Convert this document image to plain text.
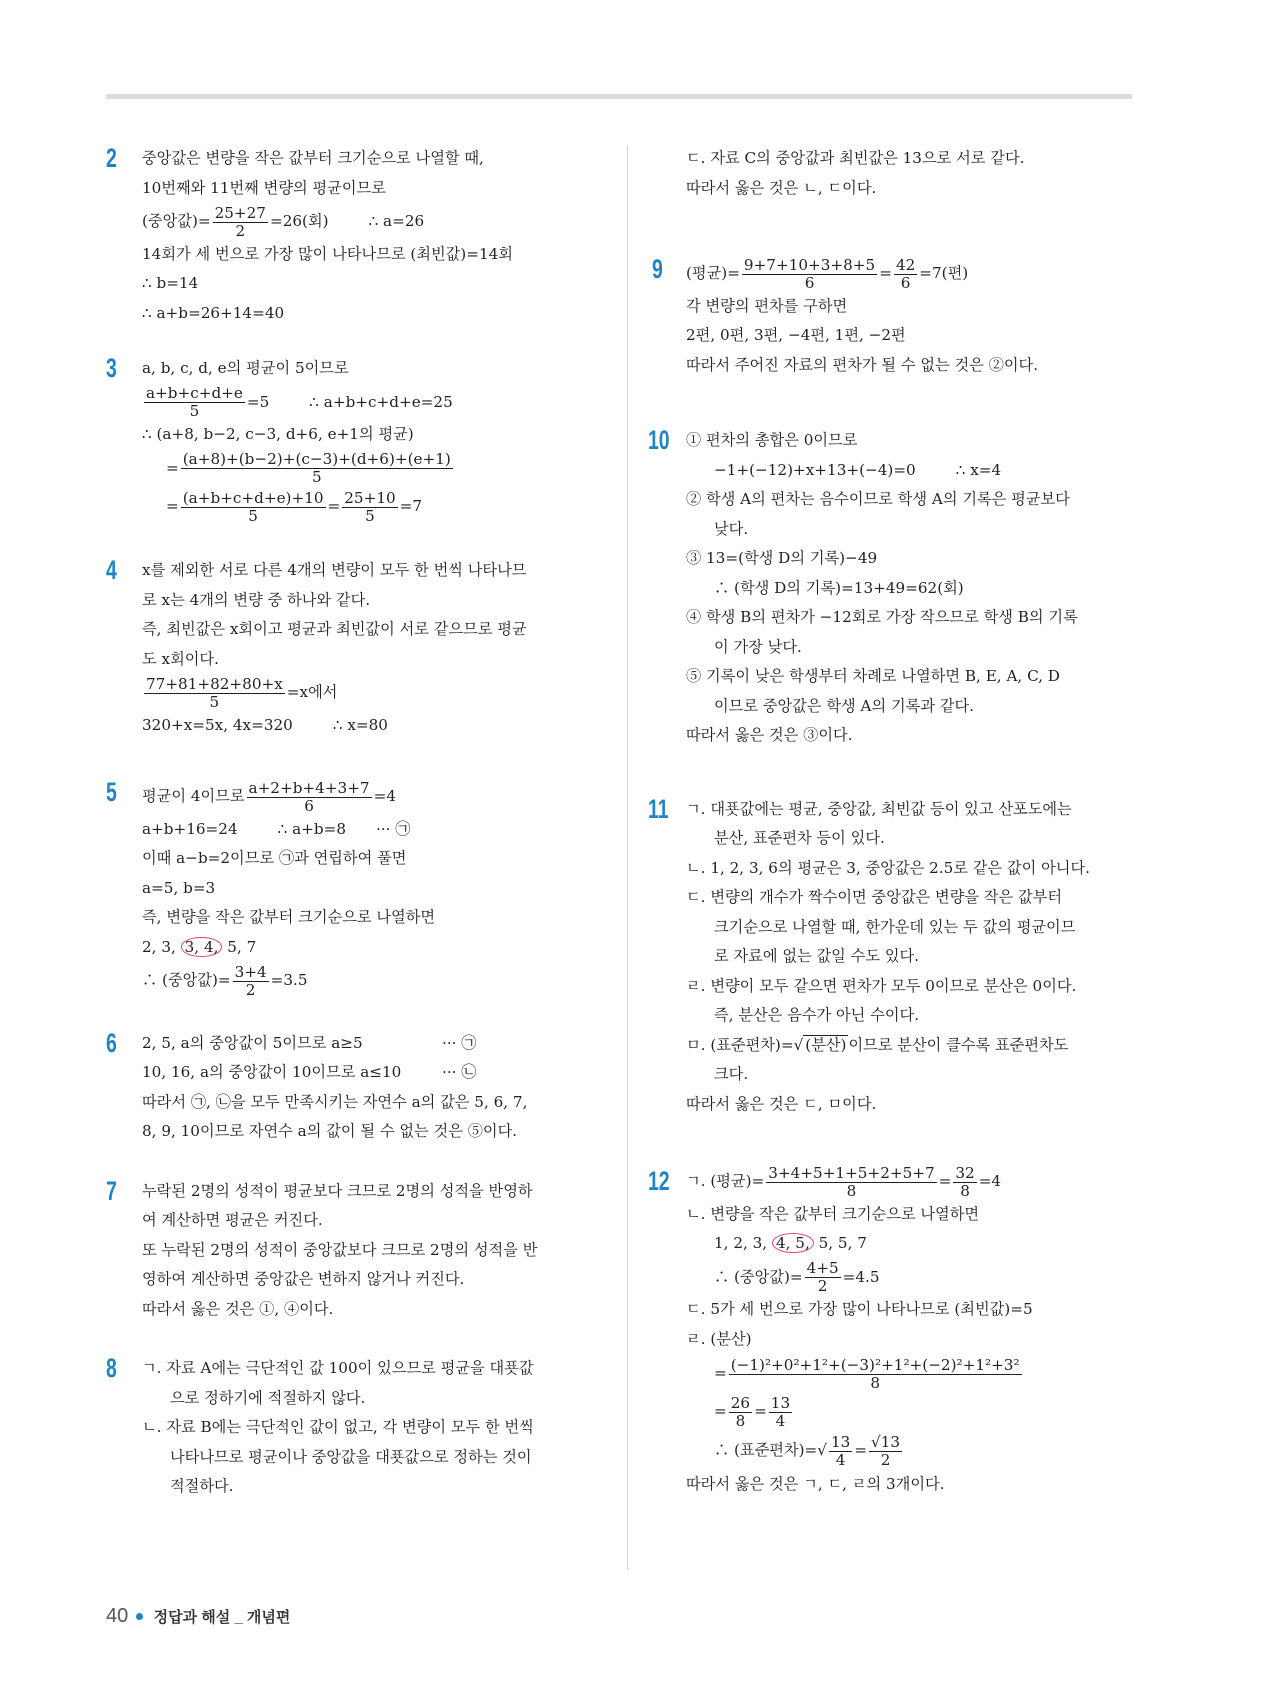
2 중앙값은 변량을 작은 값부터 크기순으로 나열할 때,
10번째와 11번째 변량의 평균이므로
(중앙값)= $\frac{25+27}{2} =26$(회)	∴ a=26
14회가 세 번으로 가장 많이 나타나므로 (최빈값)=14회
∴ b=14
∴ a+b=26+14=40
3 a, b, c, d, e의 평균이 5이므로
$\frac{a+b+c+d+e}{5} =5$	∴ a+b+c+d+e=25
∴ (a+8, b−2, c−3, d+6, e+1의 평균)
= $\frac{(a+8)+(b-2)+(c-3)+(d+6)+(e+1)}{5}$
= $\frac{(a+b+c+d+e)+10}{5} = \frac{25+10}{5} =7$
4 x를 제외한 서로 다른 4개의 변량이 모두 한 번씩 나타나므
로 x는 4개의 변량 중 하나와 같다.
즉, 최빈값은 x회이고 평균과 최빈값이 서로 같으므로 평균
도 x회이다.
$\frac{77+81+82+80+x}{5} =x$에서
320+x=5x, 4x=320	∴ x=80
5 평균이 4이므로 $\frac{a+2+b+4+3+7}{6} =4$
a+b+16=24	∴ a+b=8 ··· ㉠
이때 a−b=2이므로 ㉠과 연립하여 풀면
a=5, b=3
즉, 변량을 작은 값부터 크기순으로 나열하면
2, 3, 3, 4, 5, 7
∴ (중앙값)= $\frac{3+4}{2} =3.5$
6 2, 5, a의 중앙값이 5이므로 a≥5	··· ㉠
10, 16, a의 중앙값이 10이므로 a≤10	··· ㉡
따라서 ㉠, ㉡을 모두 만족시키는 자연수 a의 값은 5, 6, 7,
8, 9, 10이므로 자연수 a의 값이 될 수 없는 것은 ⑤이다.
7 누락된 2명의 성적이 평균보다 크므로 2명의 성적을 반영하
여 계산하면 평균은 커진다.
또 누락된 2명의 성적이 중앙값보다 크므로 2명의 성적을 반
영하여 계산하면 중앙값은 변하지 않거나 커진다.
따라서 옳은 것은 ①, ④이다.
8 ㄱ. 자료 A에는 극단적인 값 100이 있으므로 평균을 대푯값
으로 정하기에 적절하지 않다.
ㄴ. 자료 B에는 극단적인 값이 없고, 각 변량이 모두 한 번씩
나타나므로 평균이나 중앙값을 대푯값으로 정하는 것이
적절하다.
ㄷ. 자료 C의 중앙값과 최빈값은 13으로 서로 같다.
따라서 옳은 것은 ㄴ, ㄷ이다.
9 (평균)= $\frac{9+7+10+3+8+5}{6} = \frac{42}{6} =7$(편)
각 변량의 편차를 구하면
2편, 0편, 3편, −4편, 1편, −2편
따라서 주어진 자료의 편차가 될 수 없는 것은 ②이다.
10 ① 편차의 총합은 0이므로
−1+(−12)+x+13+(−4)=0	∴ x=4
② 학생 A의 편차는 음수이므로 학생 A의 기록은 평균보다
낮다.
③ 13=(학생 D의 기록)−49
∴ (학생 D의 기록)=13+49=62(회)
④ 학생 B의 편차가 −12회로 가장 작으므로 학생 B의 기록
이 가장 낮다.
⑤ 기록이 낮은 학생부터 차례로 나열하면 B, E, A, C, D
이므로 중앙값은 학생 A의 기록과 같다.
따라서 옳은 것은 ③이다.
11 ㄱ. 대푯값에는 평균, 중앙값, 최빈값 등이 있고 산포도에는
분산, 표준편차 등이 있다.
ㄴ. 1, 2, 3, 6의 평균은 3, 중앙값은 2.5로 같은 값이 아니다.
ㄷ. 변량의 개수가 짝수이면 중앙값은 변량을 작은 값부터
크기순으로 나열할 때, 한가운데 있는 두 값의 평균이므
로 자료에 없는 값일 수도 있다.
ㄹ. 변량이 모두 같으면 편차가 모두 0이므로 분산은 0이다.
즉, 분산은 음수가 아닌 수이다.
ㅁ. (표준편차)=√ (분산) 이므로 분산이 클수록 표준편차도
크다.
따라서 옳은 것은 ㄷ, ㅁ이다.
12 ㄱ. (평균)= $\frac{3+4+5+1+5+2+5+7}{8} = \frac{32}{8} =4$
ㄴ. 변량을 작은 값부터 크기순으로 나열하면
1, 2, 3, 4, 5, 5, 5, 7
∴ (중앙값)= $\frac{4+5}{2} =4.5$
ㄷ. 5가 세 번으로 가장 많이 나타나므로 (최빈값)=5
ㄹ. (분산)
= $\frac{\text{(−1)²+0²+1²+(−3)²+1²+(−2)²+1²+3²}}{8}$
= $\frac{26}{8} = \frac{13}{4}$
∴ (표준편차)=√ $\frac{13}{4} = \frac{√13}{2}$
따라서 옳은 것은 ㄱ, ㄷ, ㄹ의 3개이다.
40 정답과 해설 _ 개념편
